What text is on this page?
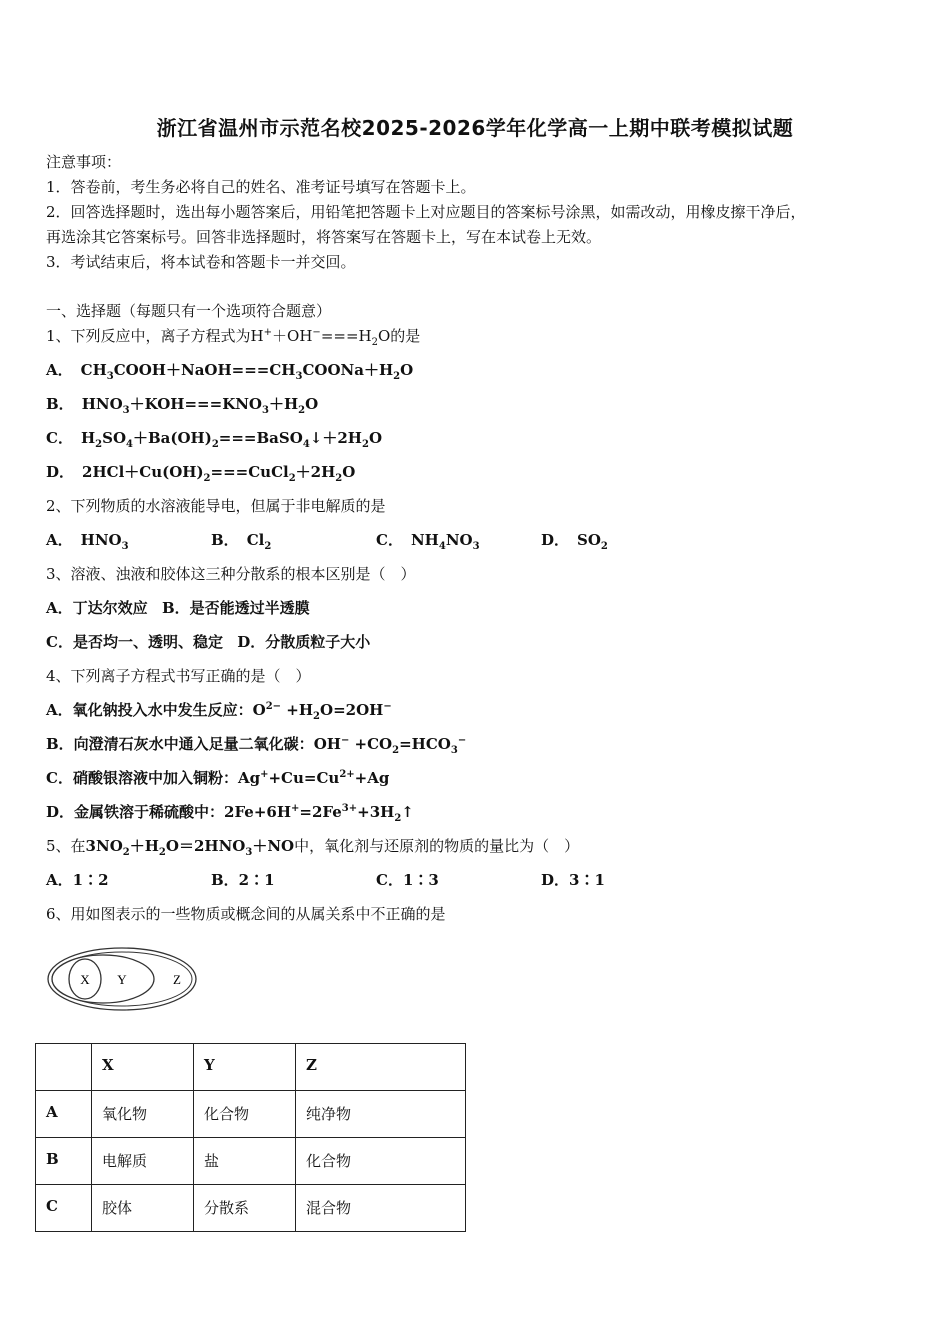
浙江省温州市示范名校2025-2026学年化学高一上期中联考模拟试题
注意事项：
1．答卷前，考生务必将自己的姓名、准考证号填写在答题卡上。
2．回答选择题时，选出每小题答案后，用铅笔把答题卡上对应题目的答案标号涂黑，如需改动，用橡皮擦干净后，
再选涂其它答案标号。回答非选择题时，将答案写在答题卡上，写在本试卷上无效。
3．考试结束后，将本试卷和答题卡一并交回。
一、选择题（每题只有一个选项符合题意）
1、下列反应中，离子方程式为$H^++OH^-===H_2O$的是
A． $CH_3COOH+NaOH===CH_3COONa+H_2O$
B． $HNO_3+KOH===KNO_3+H_2O$
C． $H_2SO_4+Ba(OH)_2===BaSO_4↓+2H_2O$
D． $2HCl+Cu(OH)_2===CuCl_2+2H_2O$
2、下列物质的水溶液能导电，但属于非电解质的是
A． $HNO_3$	B． $Cl_2$	C． $NH_4NO_3$	D． $SO_2$
3、溶液、浊液和胶体这三种分散系的根本区别是（　）
A．丁达尔效应 B．是否能透过半透膜
C．是否均一、透明、稳定 D．分散质粒子大小
4、下列离子方程式书写正确的是（　）
A．氧化钠投入水中发生反应：$O^{2-} +H_2O=2OH^-$
B．向澄清石灰水中通入足量二氧化碳：$OH^- +CO_2=HCO_3^-$
C．硝酸银溶液中加入铜粉：$Ag^++Cu=Cu^{2+}+Ag$
D．金属铁溶于稀硫酸中：$2Fe+6H^+=2Fe^{3+}+3H_2↑$
5、在$3NO_2+H_2O=2HNO_3+NO$中，氧化剂与还原剂的物质的量比为（　）
A．1∶2	B．2∶1	C．1∶3	D．3∶1
6、用如图表示的一些物质或概念间的从属关系中不正确的是
X Y	Z
	X	Y	Z
A	氧化物	化合物	纯净物
B	电解质	盐	化合物
C	胶体	分散系	混合物
